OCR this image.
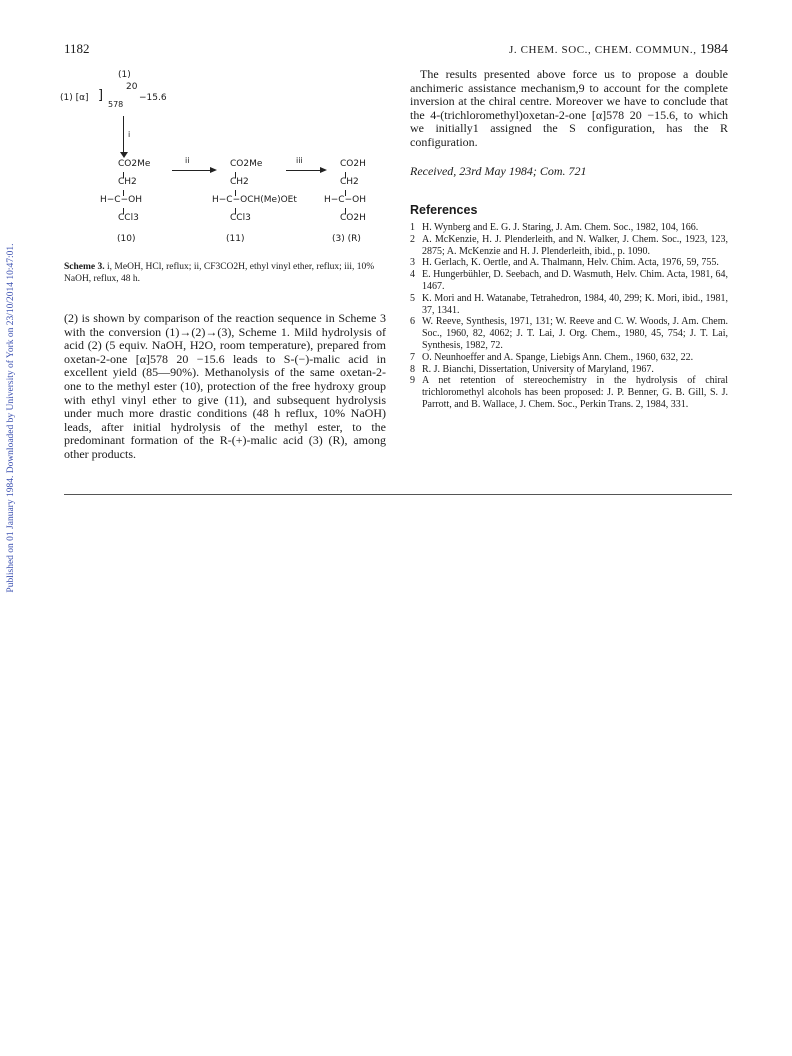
Published on 01 January 1984. Downloaded by University of York on 23/10/2014 10:47:01.
1182	J. CHEM. SOC., CHEM. COMMUN., 1984
(1)
(1) [α] ]
20
578
−15.6
i
CO2Me
CH2
H−C−OH
CCl3
(10)
ii	CO2Me
CH2
H−C−OCH(Me)OEt
CCl3
(11)
iii	CO2H
CH2
H−C−OH
CO2H
(3) (R)
Scheme 3. i, MeOH, HCl, reflux; ii, CF3CO2H, ethyl vinyl ether, reflux; iii, 10% NaOH, reflux, 48 h.

(2) is shown by comparison of the reaction sequence in Scheme 3 with the conversion (1)→(2)→(3), Scheme 1. Mild hydrolysis of acid (2) (5 equiv. NaOH, H2O, room temperature), prepared from oxetan-2-one [α]578 20 −15.6 leads to S-(−)-malic acid in excellent yield (85—90%). Methanolysis of the same oxetan-2-one to the methyl ester (10), protection of the free hydroxy group with ethyl vinyl ether to give (11), and subsequent hydrolysis under much more drastic conditions (48 h reflux, 10% NaOH) leads, after initial hydrolysis of the methyl ester, to the predominant formation of the R-(+)-malic acid (3) (R), among other products.

The results presented above force us to propose a double anchimeric assistance mechanism,9 to account for the complete inversion at the chiral centre. Moreover we have to conclude that the 4-(trichloromethyl)oxetan-2-one [α]578 20 −15.6, to which we initially1 assigned the S configuration, has the R configuration.

Received, 23rd May 1984; Com. 721
References
1 H. Wynberg and E. G. J. Staring, J. Am. Chem. Soc., 1982, 104, 166.
2 A. McKenzie, H. J. Plenderleith, and N. Walker, J. Chem. Soc., 1923, 123, 2875; A. McKenzie and H. J. Plenderleith, ibid., p. 1090.
3 H. Gerlach, K. Oertle, and A. Thalmann, Helv. Chim. Acta, 1976, 59, 755.
4 E. Hungerbühler, D. Seebach, and D. Wasmuth, Helv. Chim. Acta, 1981, 64, 1467.
5 K. Mori and H. Watanabe, Tetrahedron, 1984, 40, 299; K. Mori, ibid., 1981, 37, 1341.
6 W. Reeve, Synthesis, 1971, 131; W. Reeve and C. W. Woods, J. Am. Chem. Soc., 1960, 82, 4062; J. T. Lai, J. Org. Chem., 1980, 45, 754; J. T. Lai, Synthesis, 1982, 72.
7 O. Neunhoeffer and A. Spange, Liebigs Ann. Chem., 1960, 632, 22.
8 R. J. Bianchi, Dissertation, University of Maryland, 1967.
9 A net retention of stereochemistry in the hydrolysis of chiral trichloromethyl alcohols has been proposed: J. P. Benner, G. B. Gill, S. J. Parrott, and B. Wallace, J. Chem. Soc., Perkin Trans. 2, 1984, 331.
